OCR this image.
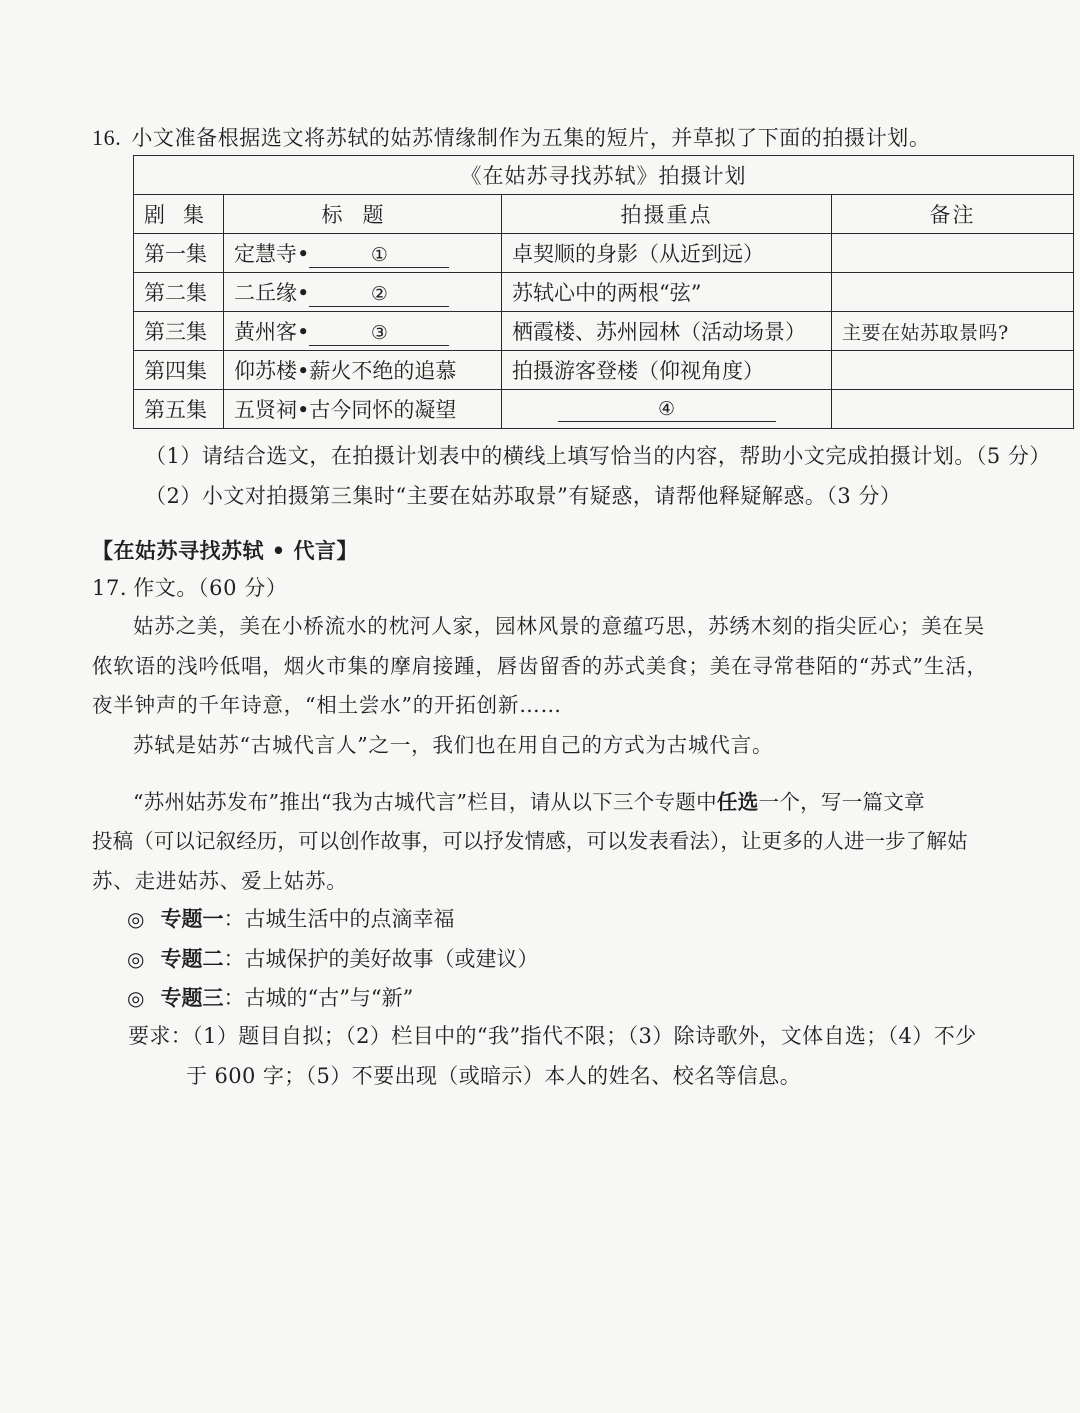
16. 小文准备根据选文将苏轼的姑苏情缘制作为五集的短片，并草拟了下面的拍摄计划。
《在姑苏寻找苏轼》拍摄计划			
剧集	标题	拍摄重点	备注
第一集	定慧寺• ①	卓契顺的身影（从近到远）	
第二集	二丘缘• ②	苏轼心中的两根“弦”	
第三集	黄州客• ③	栖霞楼、苏州园林（活动场景）	主要在姑苏取景吗?
第四集	仰苏楼•薪火不绝的追慕	拍摄游客登楼（仰视角度）	
第五集	五贤祠•古今同怀的凝望	④	
（1）请结合选文，在拍摄计划表中的横线上填写恰当的内容，帮助小文完成拍摄计划。（5 分）
（2）小文对拍摄第三集时“主要在姑苏取景”有疑惑，请帮他释疑解惑。（3 分）
【在姑苏寻找苏轼 • 代言】
17. 作文。（60 分）
姑苏之美，美在小桥流水的枕河人家，园林风景的意蕴巧思，苏绣木刻的指尖匠心；美在吴
侬软语的浅吟低唱，烟火市集的摩肩接踵，唇齿留香的苏式美食；美在寻常巷陌的“苏式”生活，
夜半钟声的千年诗意，“相土尝水”的开拓创新……
苏轼是姑苏“古城代言人”之一，我们也在用自己的方式为古城代言。
“苏州姑苏发布”推出“我为古城代言”栏目，请从以下三个专题中任选一个，写一篇文章
投稿（可以记叙经历，可以创作故事，可以抒发情感，可以发表看法），让更多的人进一步了解姑
苏、走进姑苏、爱上姑苏。
◎ 专题一：古城生活中的点滴幸福
◎ 专题二：古城保护的美好故事（或建议）
◎ 专题三：古城的“古”与“新”
要求：（1）题目自拟；（2）栏目中的“我”指代不限；（3）除诗歌外，文体自选；（4）不少
于 600 字；（5）不要出现（或暗示）本人的姓名、校名等信息。
